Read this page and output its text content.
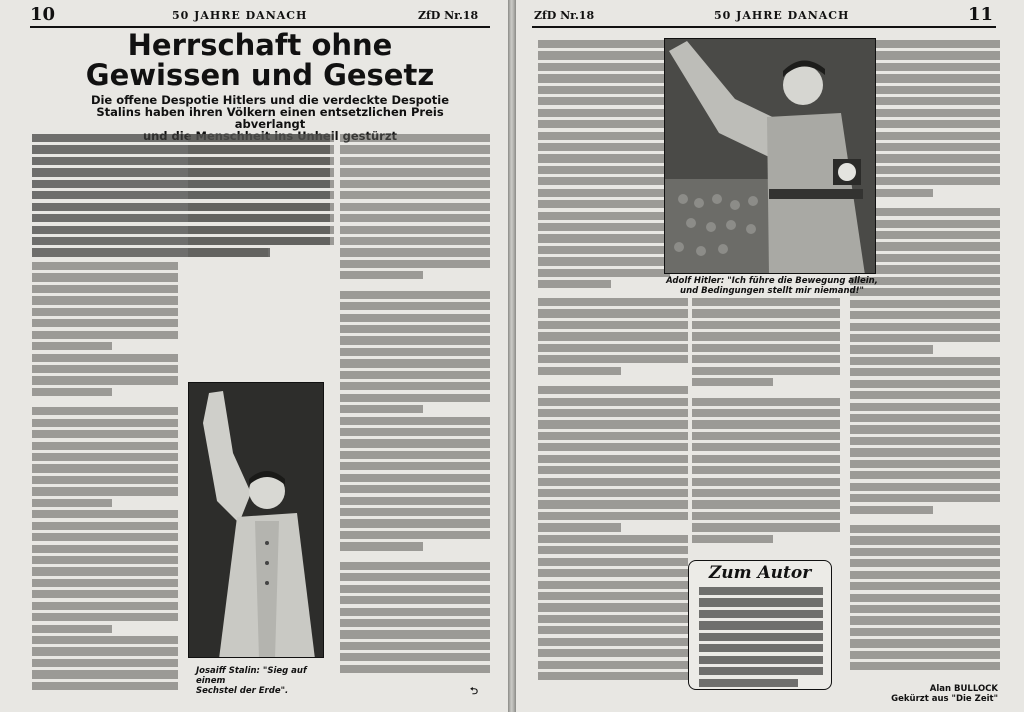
10	50 JAHRE DANACH	ZfD Nr.18
Herrschaft ohne
Gewissen und Gesetz
Die offene Despotie Hitlers und die verdeckte Despotie
Stalins haben ihren Völkern einen entsetzlichen Preis abverlangt
Josaiff Stalin: "Sieg auf einem
Sechstel der Erde".	⮌
ZfD Nr.18	50 JAHRE DANACH	11
Adolf Hitler: "Ich führe die Bewegung allein,
und Bedingungen stellt mir niemand!"
Zum Autor
Alan BULLOCK
Gekürzt aus "Die Zeit"
